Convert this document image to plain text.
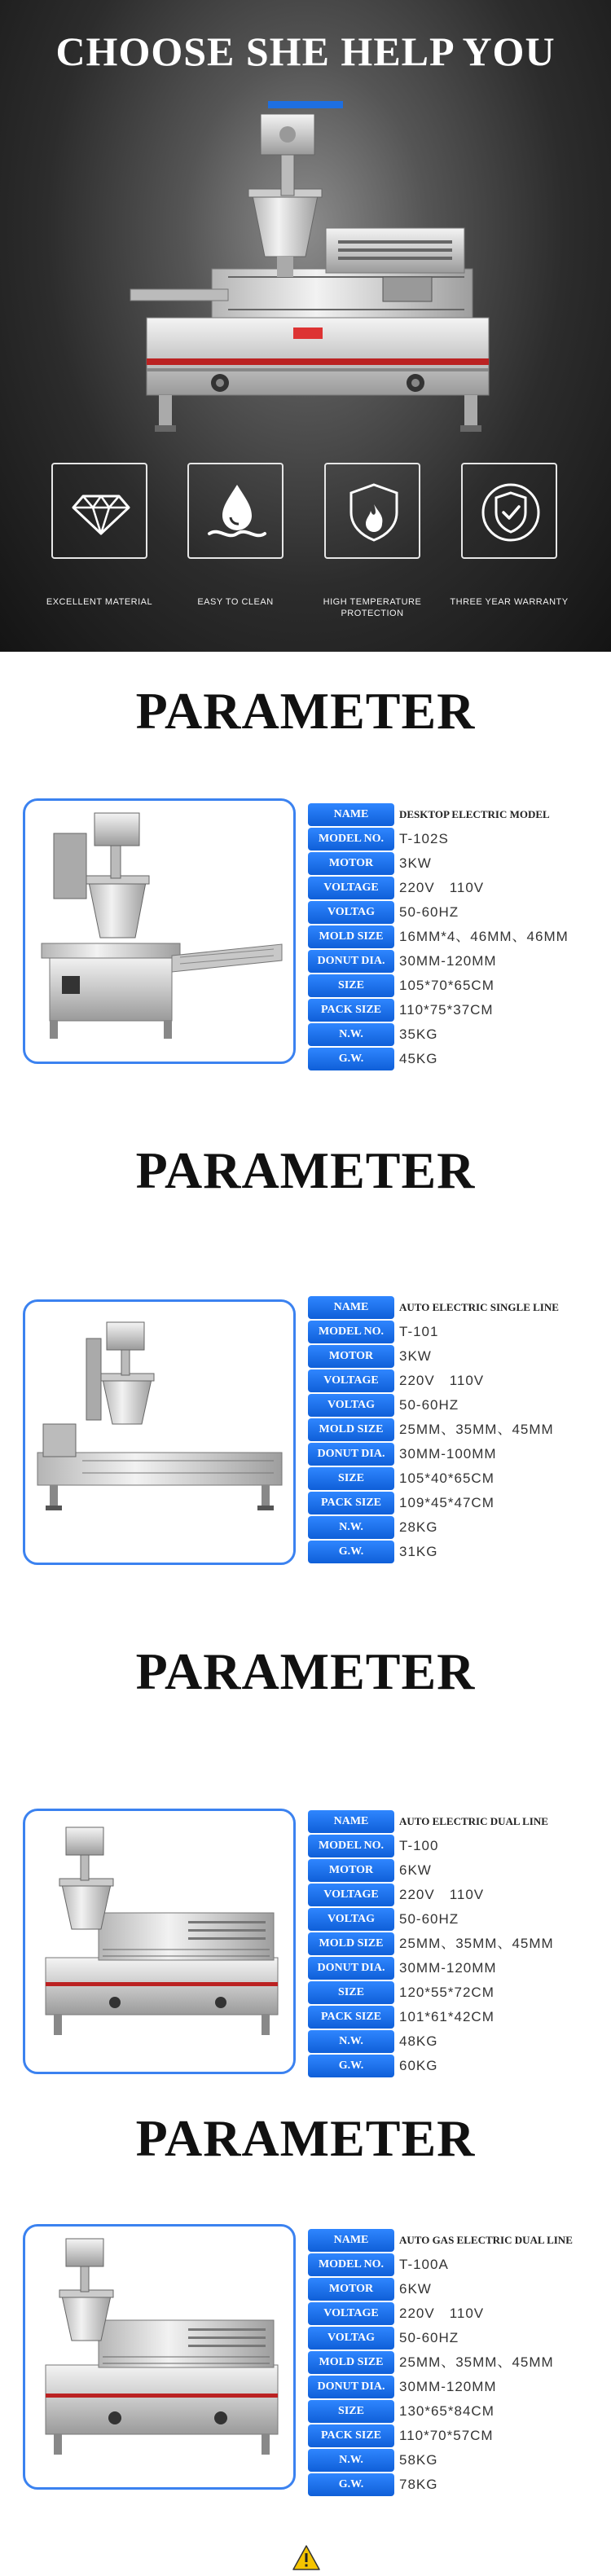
CHOOSE SHE HELP YOU
EXCELLENT MATERIAL	EASY TO CLEAN	HIGH TEMPERATURE PROTECTION
THREE YEAR WARRANTY
PARAMETER
NAME	DESKTOP ELECTRIC MODEL
MODEL NO.	T-102S
MOTOR	3KW
VOLTAGE	220V　110V
VOLTAG	50-60HZ
MOLD SIZE	16MM*4、46MM、46MM
DONUT DIA.	30MM-120MM
SIZE	105*70*65CM
PACK SIZE	110*75*37CM
N.W.	35KG
G.W.	45KG
PARAMETER
NAME	AUTO ELECTRIC SINGLE LINE
MODEL NO.	T-101
MOTOR	3KW
VOLTAGE	220V　110V
VOLTAG	50-60HZ
MOLD SIZE	25MM、35MM、45MM
DONUT DIA.	30MM-100MM
SIZE	105*40*65CM
PACK SIZE	109*45*47CM
N.W.	28KG
G.W.	31KG
PARAMETER
NAME	AUTO ELECTRIC DUAL LINE
MODEL NO.	T-100
MOTOR	6KW
VOLTAGE	220V　110V
VOLTAG	50-60HZ
MOLD SIZE	25MM、35MM、45MM
DONUT DIA.	30MM-120MM
SIZE	120*55*72CM
PACK SIZE	101*61*42CM
N.W.	48KG
G.W.	60KG
PARAMETER
NAME	AUTO GAS ELECTRIC DUAL LINE
MODEL NO.	T-100A
MOTOR	6KW
VOLTAGE	220V　110V
VOLTAG	50-60HZ
MOLD SIZE	25MM、35MM、45MM
DONUT DIA.	30MM-120MM
SIZE	130*65*84CM
PACK SIZE	110*70*57CM
N.W.	58KG
G.W.	78KG
